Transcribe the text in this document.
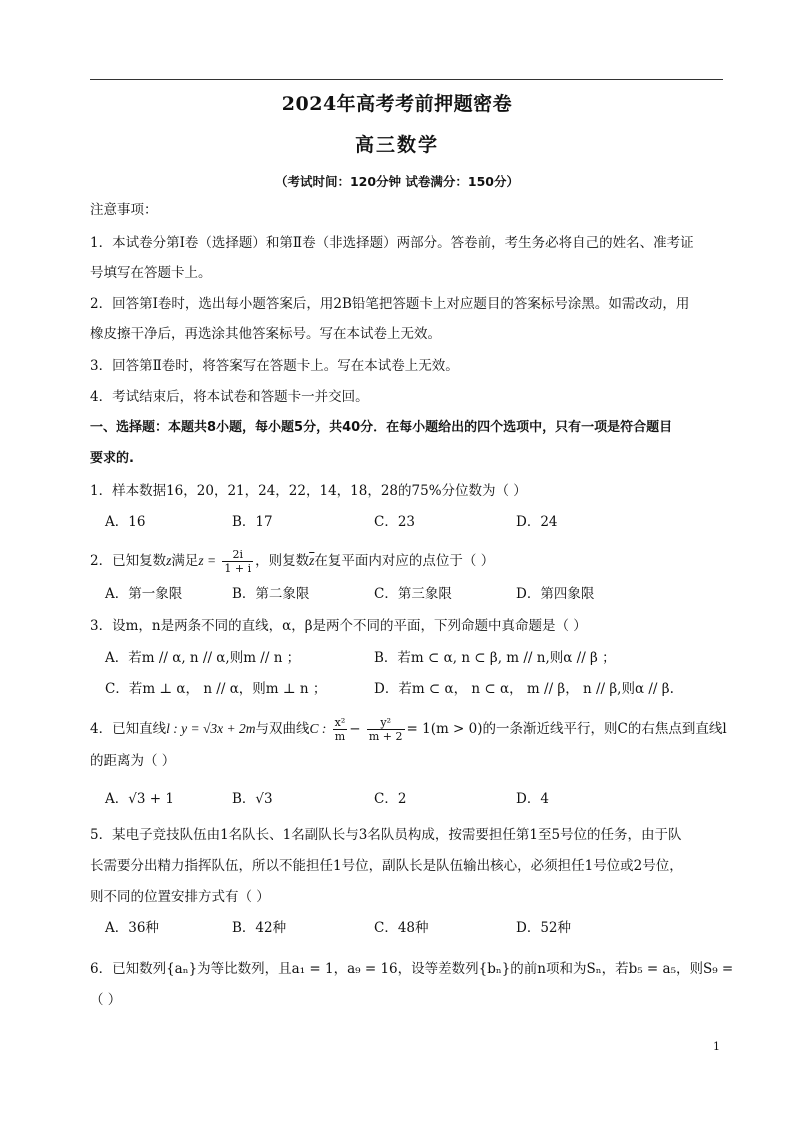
2024年高考考前押题密卷
高三数学
（考试时间：120分钟 试卷满分：150分）
注意事项：
1．本试卷分第Ⅰ卷（选择题）和第Ⅱ卷（非选择题）两部分。答卷前，考生务必将自己的姓名、准考证
号填写在答题卡上。
2．回答第Ⅰ卷时，选出每小题答案后，用2B铅笔把答题卡上对应题目的答案标号涂黑。如需改动，用
橡皮擦干净后，再选涂其他答案标号。写在本试卷上无效。
3．回答第Ⅱ卷时，将答案写在答题卡上。写在本试卷上无效。
4．考试结束后，将本试卷和答题卡一并交回。
一、选择题：本题共8小题，每小题5分，共40分．在每小题给出的四个选项中，只有一项是符合题目
要求的.
1．样本数据16，20，21，24，22，14，18，28的75%分位数为（ ）
A．16	B．17	C．23	D．24
2．已知复数z满足$z = \frac{2i}{1 + i}$ ，则复数$\overline{z}$在复平面内对应的点位于（ ）
A．第一象限	B．第二象限	C．第三象限	D．第四象限
3．设m，n是两条不同的直线，α，β是两个不同的平面，下列命题中真命题是（ ）
A．若m // α, n // α,则m // n ；	B．若m ⊂ α, n ⊂ β, m // n,则α // β ；
C．若m ⊥ α， n // α，则m ⊥ n ；	D．若m ⊂ α， n ⊂ α， m // β， n // β,则α // β.
4．已知直线l : y = √3x + 2m与双曲线C : $\frac{\text{x²}}{m} - \frac{\text{y²}}{m + 2} = 1(m > 0)$的一条渐近线平行，则C的右焦点到直线l
的距离为（ ）
A．√3 + 1	B．√3	C．2	D．4
5．某电子竞技队伍由1名队长、1名副队长与3名队员构成，按需要担任第1至5号位的任务，由于队
长需要分出精力指挥队伍，所以不能担任1号位，副队长是队伍输出核心，必须担任1号位或2号位，
则不同的位置安排方式有（ ）
A．36种	B．42种	C．48种	D．52种
6．已知数列{aₙ}为等比数列，且a₁ = 1，a₉ = 16，设等差数列{bₙ}的前n项和为Sₙ，若b₅ = a₅，则S₉ =
（ ）
1
